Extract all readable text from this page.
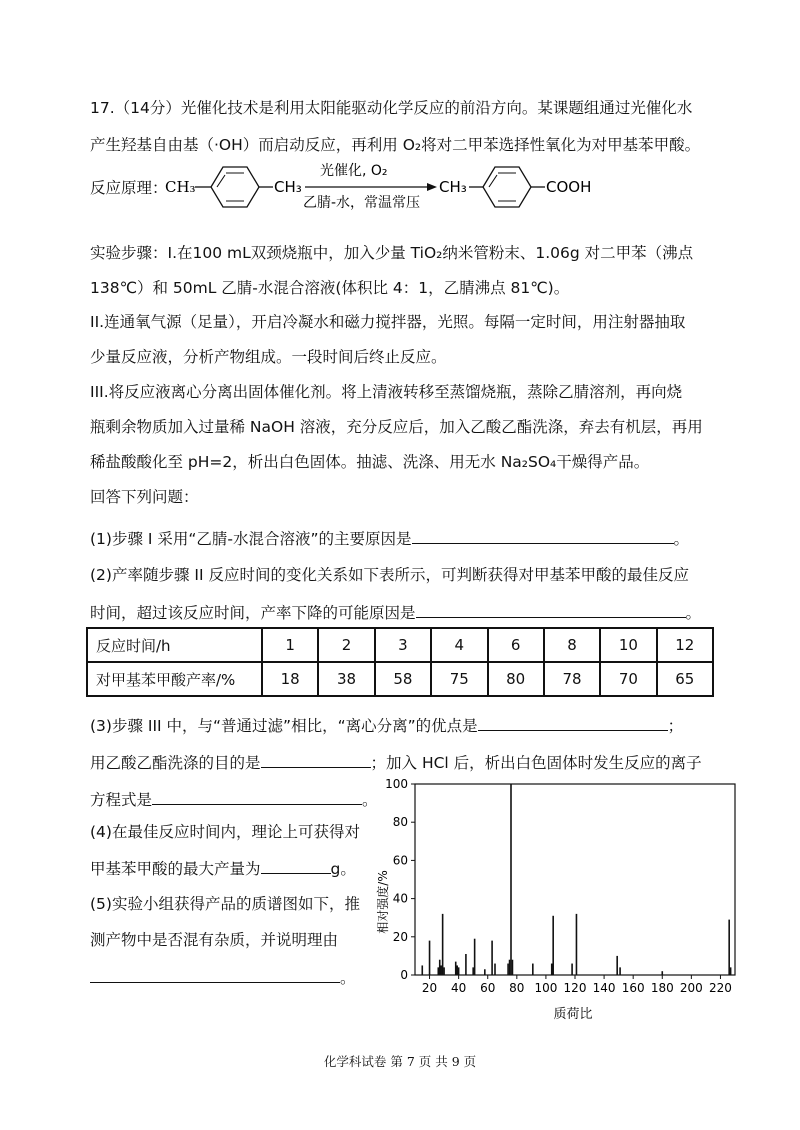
17.（14分）光催化技术是利用太阳能驱动化学反应的前沿方向。某课题组通过光催化水
产生羟基自由基（·OH）而启动反应，再利用 O₂将对二甲苯选择性氧化为对甲基苯甲酸。
反应原理：
CH₃	CH₃
光催化, O₂
乙腈-水，常温常压
CH₃	COOH
实验步骤：I.在100 mL双颈烧瓶中，加入少量 TiO₂纳米管粉末、1.06g 对二甲苯（沸点
138℃）和 50mL 乙腈-水混合溶液(体积比 4：1，乙腈沸点 81℃)。
II.连通氧气源（足量），开启冷凝水和磁力搅拌器，光照。每隔一定时间，用注射器抽取
少量反应液，分析产物组成。一段时间后终止反应。
III.将反应液离心分离出固体催化剂。将上清液转移至蒸馏烧瓶，蒸除乙腈溶剂，再向烧
瓶剩余物质加入过量稀 NaOH 溶液，充分反应后，加入乙酸乙酯洗涤，弃去有机层，再用
稀盐酸酸化至 pH=2，析出白色固体。抽滤、洗涤、用无水 Na₂SO₄干燥得产品。
回答下列问题：
(1)步骤 I 采用“乙腈-水混合溶液”的主要原因是	。
(2)产率随步骤 II 反应时间的变化关系如下表所示，可判断获得对甲基苯甲酸的最佳反应
时间，超过该反应时间，产率下降的可能原因是	。
反应时间/h	1	2	3	4	6	8	10	12
对甲基苯甲酸产率/%	18	38	58	75	80	78	70	65
(3)步骤 III 中，与“普通过滤”相比，“离心分离”的优点是	；
用乙酸乙酯洗涤的目的是	；加入 HCl 后，析出白色固体时发生反应的离子
方程式是	。
(4)在最佳反应时间内，理论上可获得对
甲基苯甲酸的最大产量为	g。
(5)实验小组获得产品的质谱图如下，推
测产物中是否混有杂质，并说明理由
。
20 40 60 80 100 120 140 160 180 200 220
0
20
40
60
80
100
质荷比
相对强度/%
化学科试卷 第 7 页 共 9 页
